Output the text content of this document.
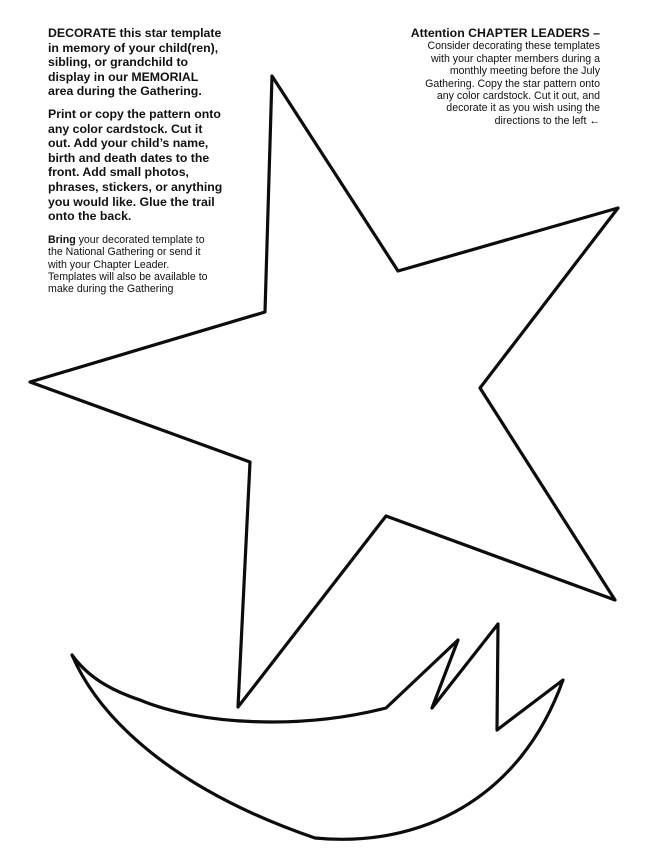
DECORATE this star template in memory of your child(ren), sibling, or grandchild to display in our MEMORIAL area during the Gathering.

Print or copy the pattern onto any color cardstock. Cut it out. Add your child’s name, birth and death dates to the front. Add small photos, phrases, stickers, or anything you would like. Glue the trail onto the back.

Bring your decorated template to the National Gathering or send it with your Chapter Leader. Templates will also be available to make during the Gathering

Attention CHAPTER LEADERS – Consider decorating these templates with your chapter members during a monthly meeting before the July Gathering. Copy the star pattern onto any color cardstock. Cut it out, and decorate it as you wish using the directions to the left ←
